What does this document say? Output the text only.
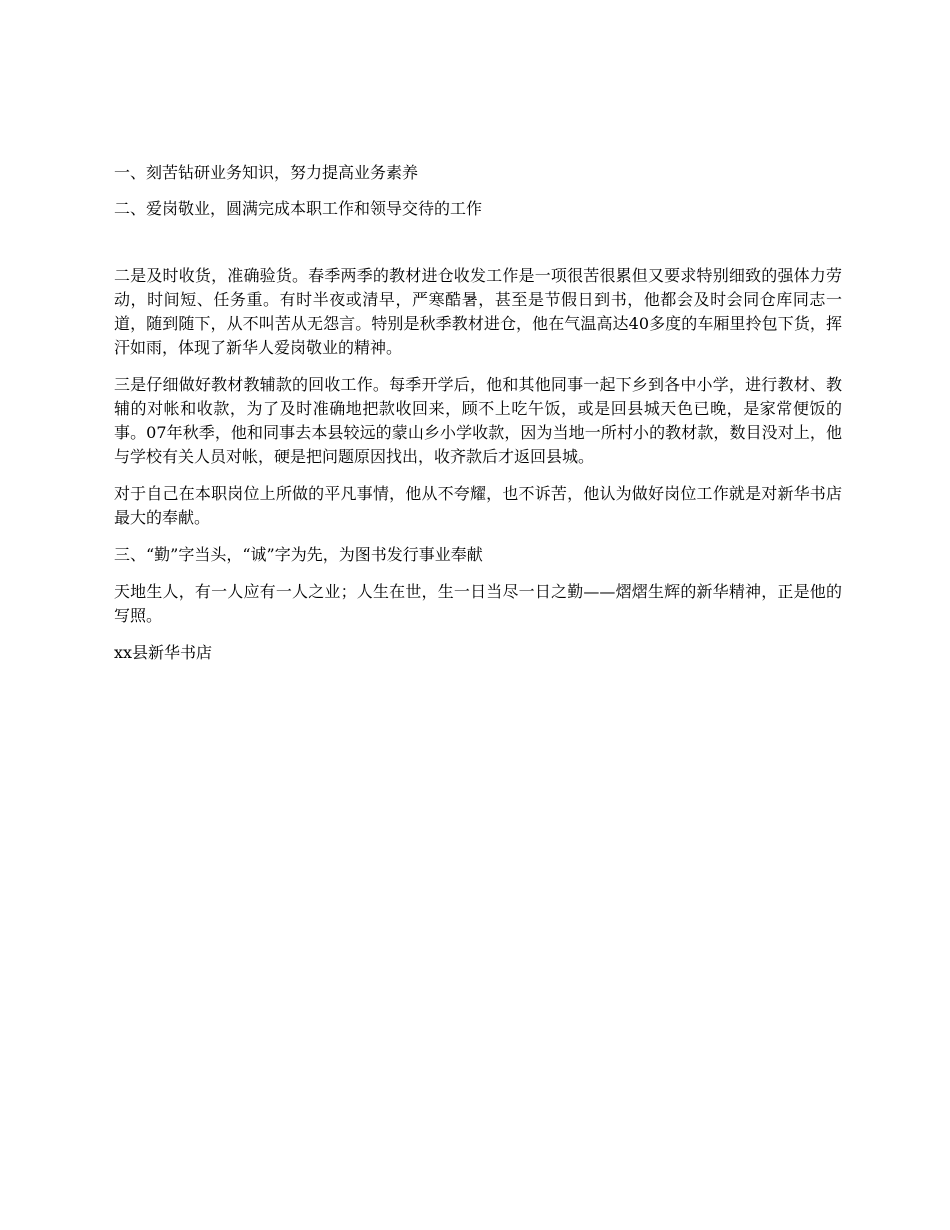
一、刻苦钻研业务知识，努力提高业务素养

二、爱岗敬业，圆满完成本职工作和领导交待的工作

二是及时收货，准确验货。春季两季的教材进仓收发工作是一项很苦很累但又要求特别细致的强体力劳动，时间短、任务重。有时半夜或清早，严寒酷暑，甚至是节假日到书，他都会及时会同仓库同志一道，随到随下，从不叫苦从无怨言。特别是秋季教材进仓，他在气温高达40多度的车厢里拎包下货，挥汗如雨，体现了新华人爱岗敬业的精神。

三是仔细做好教材教辅款的回收工作。每季开学后，他和其他同事一起下乡到各中小学，进行教材、教辅的对帐和收款，为了及时准确地把款收回来，顾不上吃午饭，或是回县城天色已晚，是家常便饭的事。07年秋季，他和同事去本县较远的蒙山乡小学收款，因为当地一所村小的教材款，数目没对上，他与学校有关人员对帐，硬是把问题原因找出，收齐款后才返回县城。

对于自己在本职岗位上所做的平凡事情，他从不夸耀，也不诉苦，他认为做好岗位工作就是对新华书店最大的奉献。

三、“勤”字当头，“诚”字为先，为图书发行事业奉献

天地生人，有一人应有一人之业；人生在世，生一日当尽一日之勤——熠熠生辉的新华精神，正是他的写照。

xx县新华书店
